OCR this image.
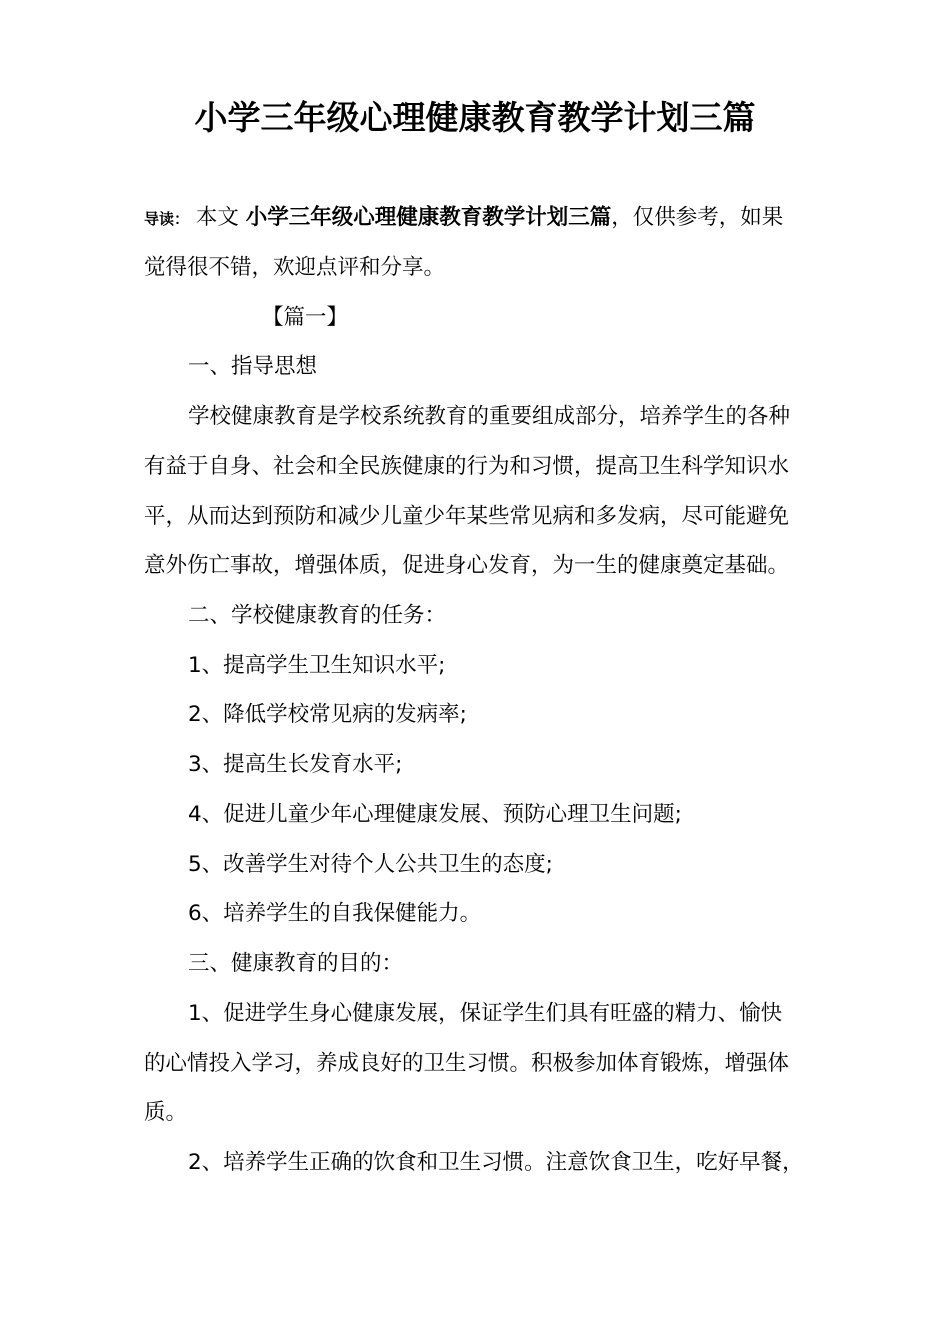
小学三年级心理健康教育教学计划三篇
导读： 本文 小学三年级心理健康教育教学计划三篇，仅供参考，如果
觉得很不错，欢迎点评和分享。
【篇一】
一、指导思想
学校健康教育是学校系统教育的重要组成部分，培养学生的各种
有益于自身、社会和全民族健康的行为和习惯，提高卫生科学知识水
平，从而达到预防和减少儿童少年某些常见病和多发病，尽可能避免
意外伤亡事故，增强体质，促进身心发育，为一生的健康奠定基础。
二、学校健康教育的任务：
1、提高学生卫生知识水平;
2、降低学校常见病的发病率;
3、提高生长发育水平;
4、促进儿童少年心理健康发展、预防心理卫生问题;
5、改善学生对待个人公共卫生的态度;
6、培养学生的自我保健能力。
三、健康教育的目的：
1、促进学生身心健康发展，保证学生们具有旺盛的精力、愉快
的心情投入学习，养成良好的卫生习惯。积极参加体育锻炼，增强体
质。
2、培养学生正确的饮食和卫生习惯。注意饮食卫生，吃好早餐，
